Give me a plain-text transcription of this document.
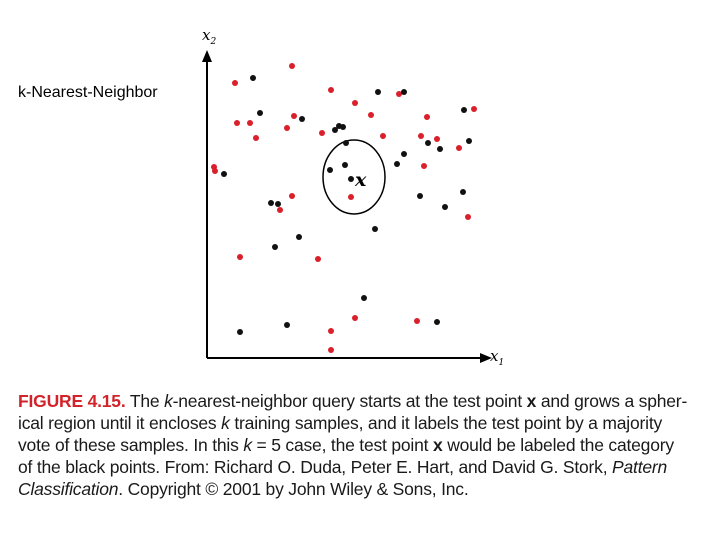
k-Nearest-Neighbor
$x_2$
$x_1$
x
FIGURE 4.15. The k-nearest-neighbor query starts at the test point x and grows a spher-
ical region until it encloses k training samples, and it labels the test point by a majority
vote of these samples. In this k = 5 case, the test point x would be labeled the category
of the black points. From: Richard O. Duda, Peter E. Hart, and David G. Stork, Pattern
Classification. Copyright © 2001 by John Wiley & Sons, Inc.
